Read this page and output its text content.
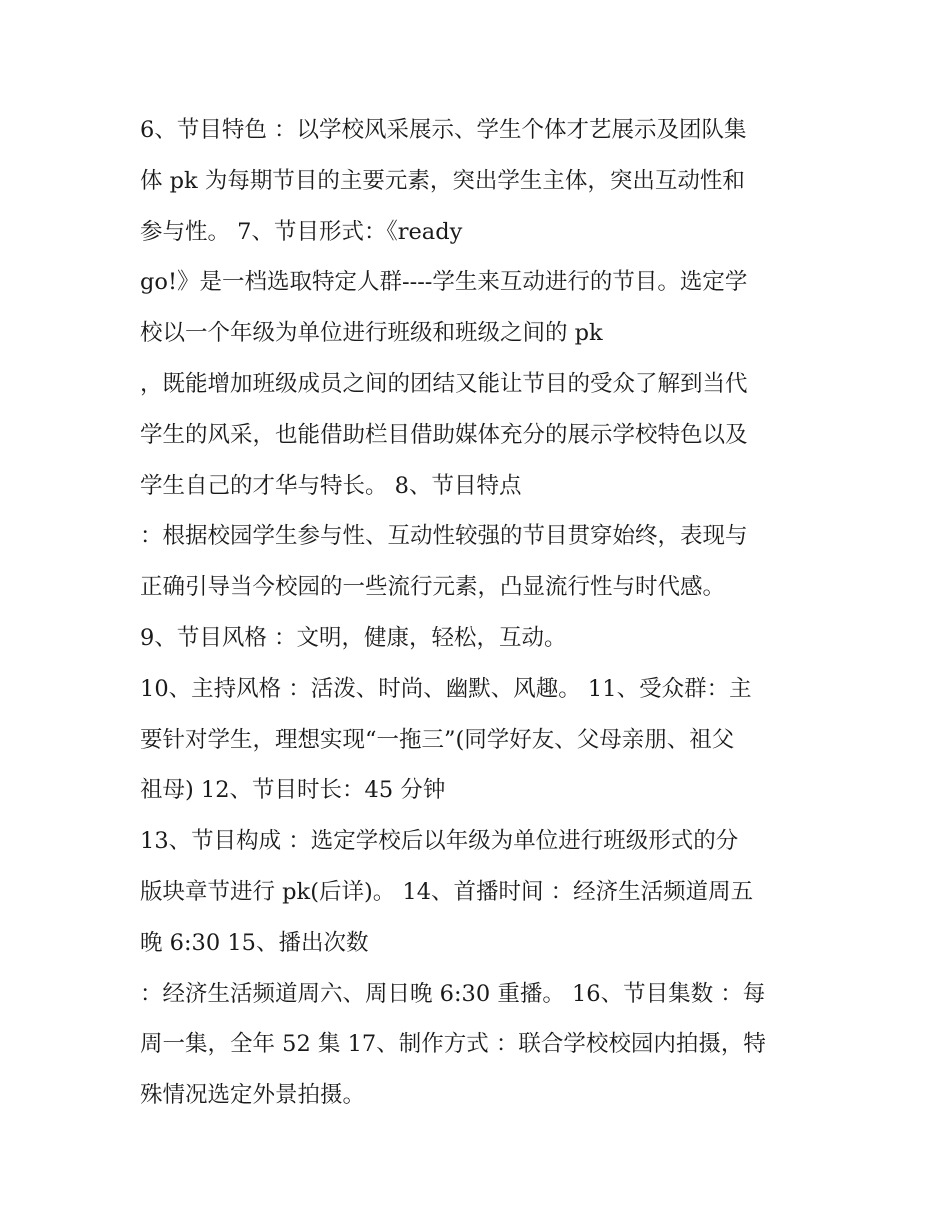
6、节目特色 ：以学校风采展示、学生个体才艺展示及团队集
体 pk 为每期节目的主要元素，突出学生主体，突出互动性和
参与性。 7、节目形式：《ready
go!》是一档选取特定人群----学生来互动进行的节目。选定学
校以一个年级为单位进行班级和班级之间的 pk
，既能增加班级成员之间的团结又能让节目的受众了解到当代
学生的风采，也能借助栏目借助媒体充分的展示学校特色以及
学生自己的才华与特长。 8、节目特点
：根据校园学生参与性、互动性较强的节目贯穿始终，表现与
正确引导当今校园的一些流行元素，凸显流行性与时代感。
9、节目风格 ：文明，健康，轻松，互动。
10、主持风格 ：活泼、时尚、幽默、风趣。 11、受众群：主
要针对学生，理想实现“一拖三”(同学好友、父母亲朋、祖父
祖母) 12、节目时长：45 分钟
13、节目构成 ：选定学校后以年级为单位进行班级形式的分
版块章节进行 pk(后详)。 14、首播时间 ：经济生活频道周五
晚 6:30 15、播出次数
：经济生活频道周六、周日晚 6:30 重播。 16、节目集数 ：每
周一集，全年 52 集 17、制作方式 ：联合学校校园内拍摄，特
殊情况选定外景拍摄。
